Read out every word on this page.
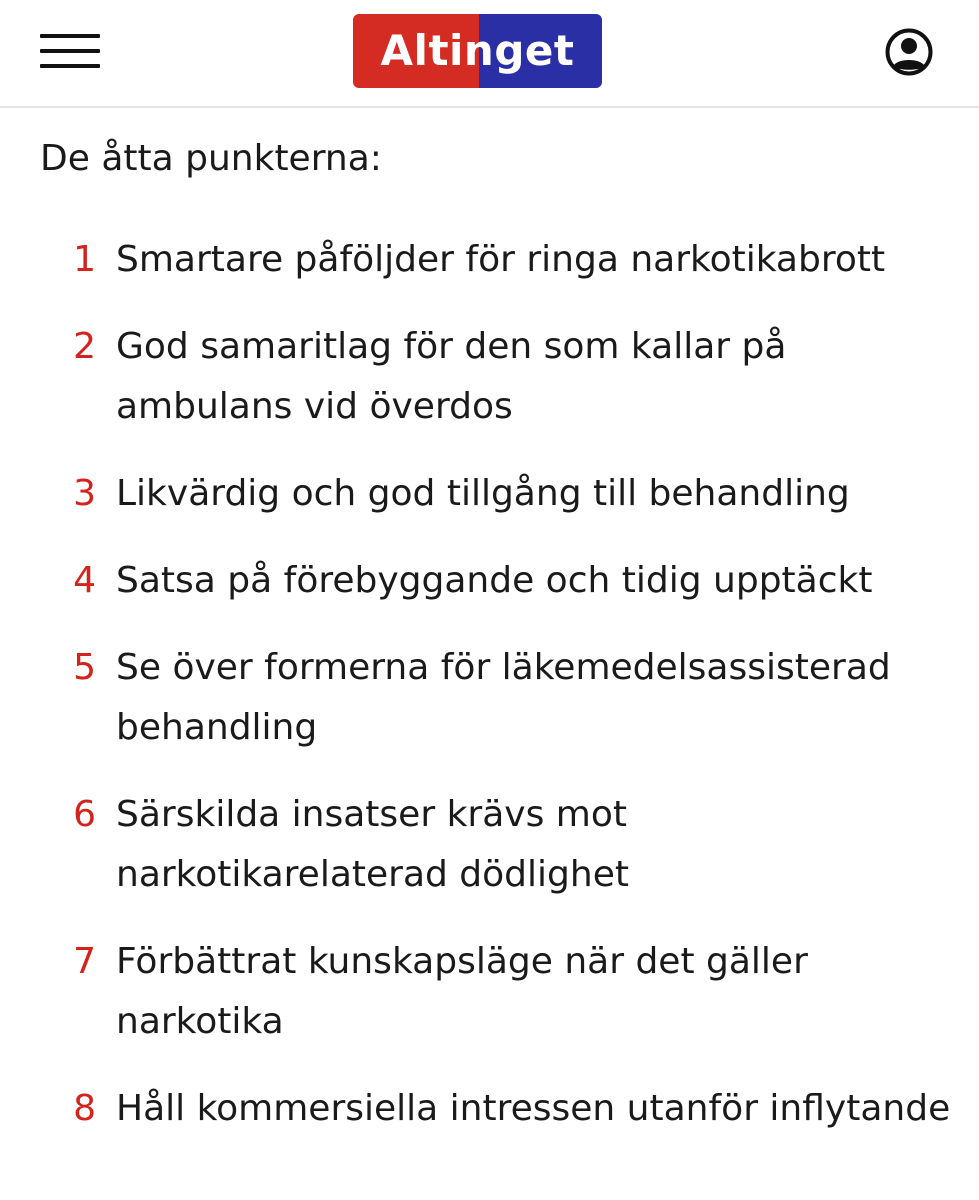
Altinget
De åtta punkterna:
1 Smartare påföljder för ringa narkotikabrott
2 God samaritlag för den som kallar på ambulans vid överdos
3 Likvärdig och god tillgång till behandling
4 Satsa på förebyggande och tidig upptäckt
5 Se över formerna för läkemedelsassisterad behandling
6 Särskilda insatser krävs mot narkotikarelaterad dödlighet
7 Förbättrat kunskapsläge när det gäller narkotika
8 Håll kommersiella intressen utanför inflytande
